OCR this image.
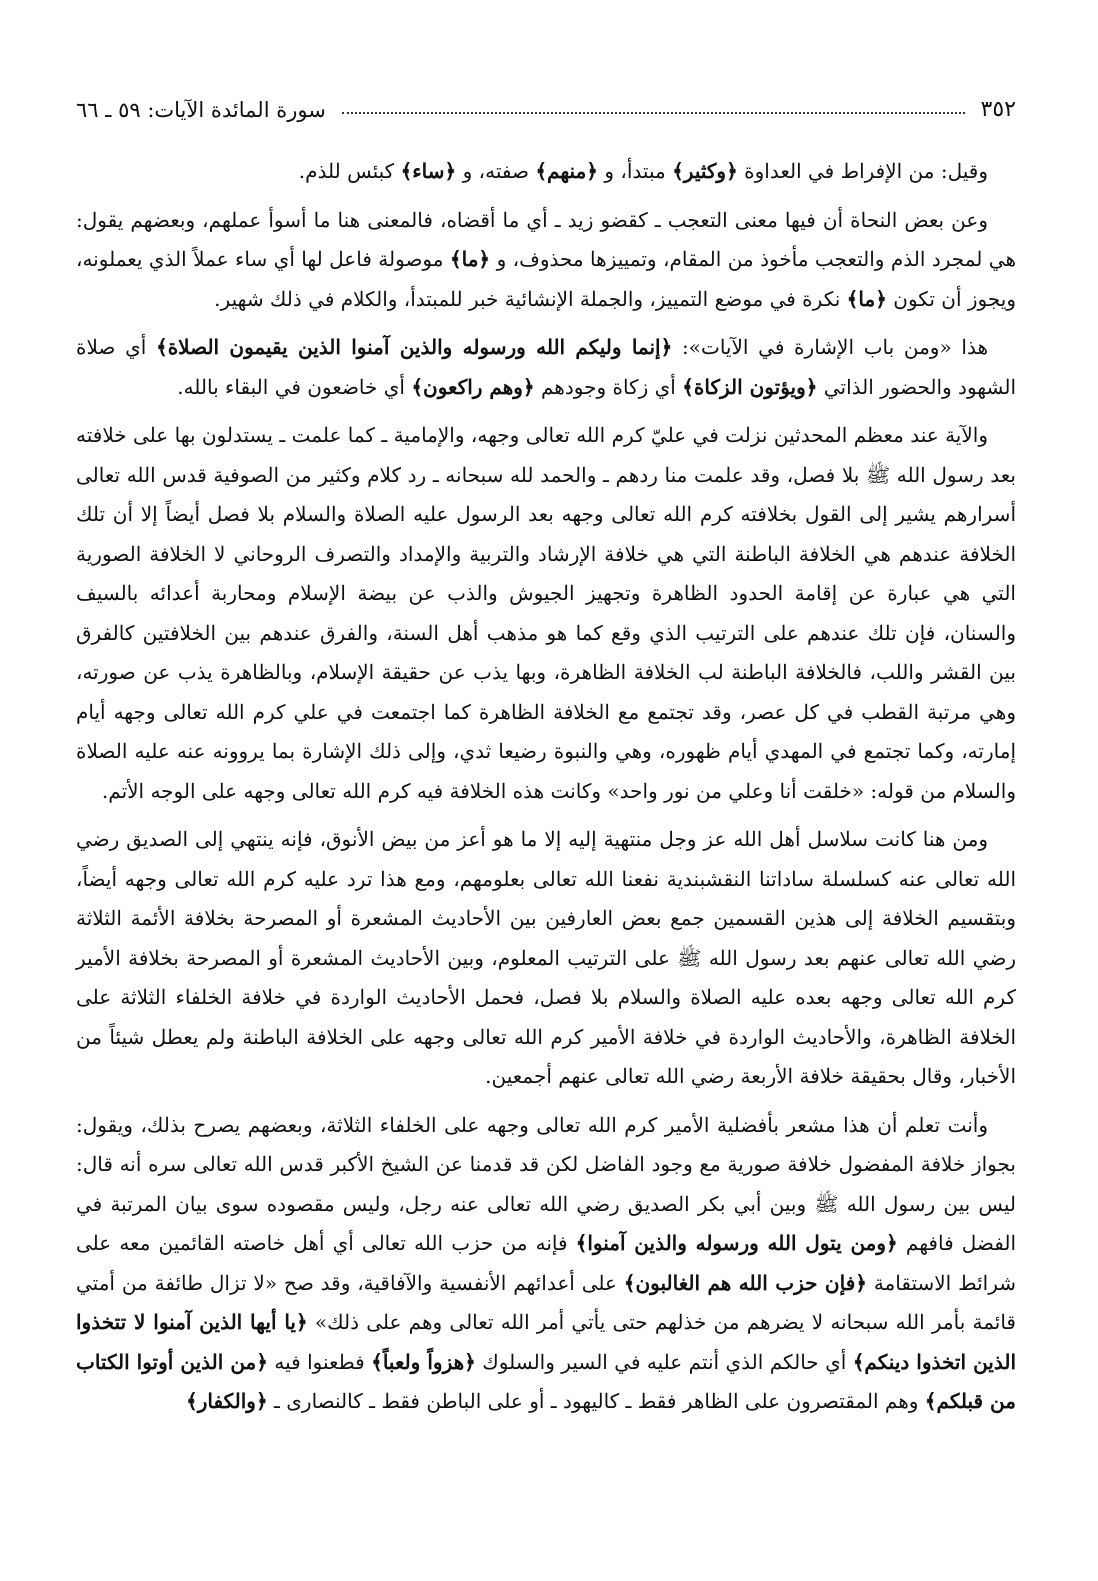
٣٥٢
سورة المائدة الآيات: ٥٩ ـ ٦٦

وقيل: من الإفراط في العداوة ﴿وكثير﴾ مبتدأ، و ﴿منهم﴾ صفته، و ﴿ساء﴾ كبئس للذم.

وعن بعض النحاة أن فيها معنى التعجب ـ كقضو زيد ـ أي ما أقضاه، فالمعنى هنا ما أسوأ عملهم، وبعضهم يقول: هي لمجرد الذم والتعجب مأخوذ من المقام، وتمييزها محذوف، و ﴿ما﴾ موصولة فاعل لها أي ساء عملاً الذي يعملونه، ويجوز أن تكون ﴿ما﴾ نكرة في موضع التمييز، والجملة الإنشائية خبر للمبتدأ، والكلام في ذلك شهير.

هذا «ومن باب الإشارة في الآيات»: ﴿إنما وليكم الله ورسوله والذين آمنوا الذين يقيمون الصلاة﴾ أي صلاة الشهود والحضور الذاتي ﴿ويؤتون الزكاة﴾ أي زكاة وجودهم ﴿وهم راكعون﴾ أي خاضعون في البقاء بالله.

والآية عند معظم المحدثين نزلت في عليّ كرم الله تعالى وجهه، والإمامية ـ كما علمت ـ يستدلون بها على خلافته بعد رسول الله ﷺ بلا فصل، وقد علمت منا ردهم ـ والحمد لله سبحانه ـ رد كلام وكثير من الصوفية قدس الله تعالى أسرارهم يشير إلى القول بخلافته كرم الله تعالى وجهه بعد الرسول عليه الصلاة والسلام بلا فصل أيضاً إلا أن تلك الخلافة عندهم هي الخلافة الباطنة التي هي خلافة الإرشاد والتربية والإمداد والتصرف الروحاني لا الخلافة الصورية التي هي عبارة عن إقامة الحدود الظاهرة وتجهيز الجيوش والذب عن بيضة الإسلام ومحاربة أعدائه بالسيف والسنان، فإن تلك عندهم على الترتيب الذي وقع كما هو مذهب أهل السنة، والفرق عندهم بين الخلافتين كالفرق بين القشر واللب، فالخلافة الباطنة لب الخلافة الظاهرة، وبها يذب عن حقيقة الإسلام، وبالظاهرة يذب عن صورته، وهي مرتبة القطب في كل عصر، وقد تجتمع مع الخلافة الظاهرة كما اجتمعت في علي كرم الله تعالى وجهه أيام إمارته، وكما تجتمع في المهدي أيام ظهوره، وهي والنبوة رضيعا ثدي، وإلى ذلك الإشارة بما يروونه عنه عليه الصلاة والسلام من قوله: «خلقت أنا وعلي من نور واحد» وكانت هذه الخلافة فيه كرم الله تعالى وجهه على الوجه الأتم.

ومن هنا كانت سلاسل أهل الله عز وجل منتهية إليه إلا ما هو أعز من بيض الأنوق، فإنه ينتهي إلى الصديق رضي الله تعالى عنه كسلسلة ساداتنا النقشبندية نفعنا الله تعالى بعلومهم، ومع هذا ترد عليه كرم الله تعالى وجهه أيضاً، وبتقسيم الخلافة إلى هذين القسمين جمع بعض العارفين بين الأحاديث المشعرة أو المصرحة بخلافة الأئمة الثلاثة رضي الله تعالى عنهم بعد رسول الله ﷺ على الترتيب المعلوم، وبين الأحاديث المشعرة أو المصرحة بخلافة الأمير كرم الله تعالى وجهه بعده عليه الصلاة والسلام بلا فصل، فحمل الأحاديث الواردة في خلافة الخلفاء الثلاثة على الخلافة الظاهرة، والأحاديث الواردة في خلافة الأمير كرم الله تعالى وجهه على الخلافة الباطنة ولم يعطل شيئاً من الأخبار، وقال بحقيقة خلافة الأربعة رضي الله تعالى عنهم أجمعين.

وأنت تعلم أن هذا مشعر بأفضلية الأمير كرم الله تعالى وجهه على الخلفاء الثلاثة، وبعضهم يصرح بذلك، ويقول: بجواز خلافة المفضول خلافة صورية مع وجود الفاضل لكن قد قدمنا عن الشيخ الأكبر قدس الله تعالى سره أنه قال: ليس بين رسول الله ﷺ وبين أبي بكر الصديق رضي الله تعالى عنه رجل، وليس مقصوده سوى بيان المرتبة في الفضل فافهم ﴿ومن يتول الله ورسوله والذين آمنوا﴾ فإنه من حزب الله تعالى أي أهل خاصته القائمين معه على شرائط الاستقامة ﴿فإن حزب الله هم الغالبون﴾ على أعدائهم الأنفسية والآفاقية، وقد صح «لا تزال طائفة من أمتي قائمة بأمر الله سبحانه لا يضرهم من خذلهم حتى يأتي أمر الله تعالى وهم على ذلك» ﴿يا أيها الذين آمنوا لا تتخذوا الذين اتخذوا دينكم﴾ أي حالكم الذي أنتم عليه في السير والسلوك ﴿هزواً ولعباً﴾ فطعنوا فيه ﴿من الذين أوتوا الكتاب من قبلكم﴾ وهم المقتصرون على الظاهر فقط ـ كاليهود ـ أو على الباطن فقط ـ كالنصارى ـ ﴿والكفار﴾
